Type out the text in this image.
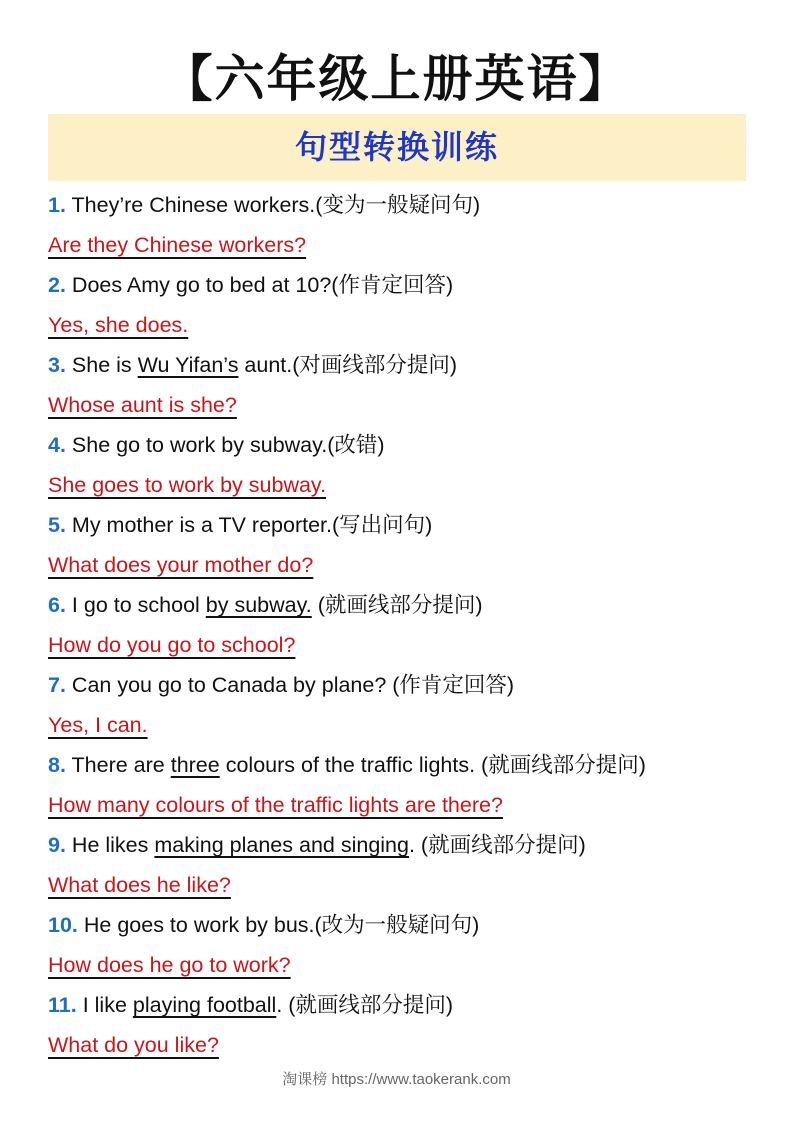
【六年级上册英语】
句型转换训练
1. They’re Chinese workers.(变为一般疑问句)
Are they Chinese workers?
2. Does Amy go to bed at 10?(作肯定回答)
Yes, she does.
3. She is Wu Yifan’s aunt.(对画线部分提问)
Whose aunt is she?
4. She go to work by subway.(改错)
She goes to work by subway.
5. My mother is a TV reporter.(写出问句)
What does your mother do?
6. I go to school by subway. (就画线部分提问)
How do you go to school?
7. Can you go to Canada by plane? (作肯定回答)
Yes, I can.
8. There are three colours of the traffic lights. (就画线部分提问)
How many colours of the traffic lights are there?
9. He likes making planes and singing. (就画线部分提问)
What does he like?
10. He goes to work by bus.(改为一般疑问句)
How does he go to work?
11. I like playing football. (就画线部分提问)
What do you like?
淘课榜 https://www.taokerank.com
